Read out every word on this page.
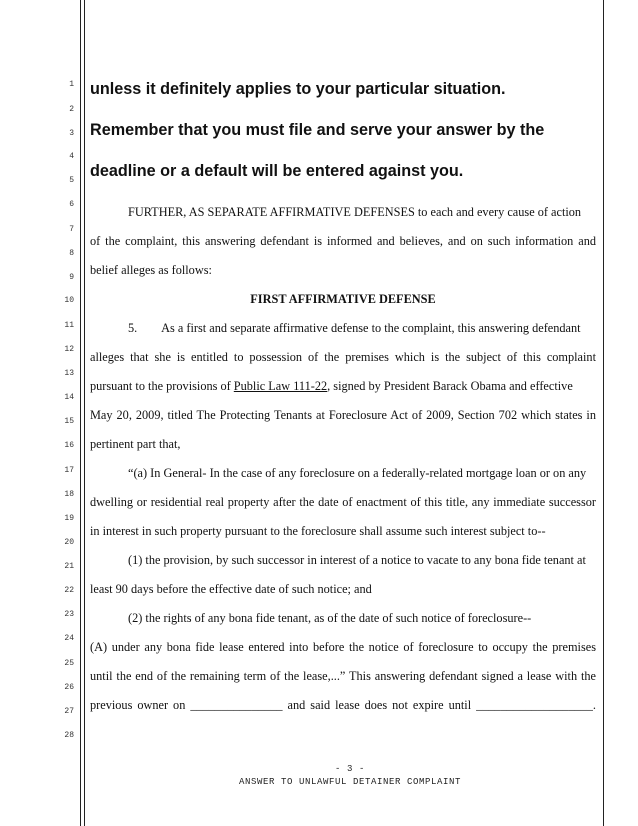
1
2
3
4
5
6
7
8
9
10
11
12
13
14
15
16
17
18
19
20
21
22
23
24
25
26
27
28
unless it definitely applies to your particular situation.
Remember that you must file and serve your answer by the
deadline or a default will be entered against you.
FURTHER, AS SEPARATE AFFIRMATIVE DEFENSES to each and every cause of action
of the complaint, this answering defendant is informed and believes, and on such information and
belief alleges as follows:
FIRST AFFIRMATIVE DEFENSE
5.        As a first and separate affirmative defense to the complaint, this answering defendant
alleges that she is entitled to possession of the premises which is the subject of this complaint
pursuant to the provisions of Public Law 111-22, signed by President Barack Obama and effective
May 20, 2009, titled The Protecting Tenants at Foreclosure Act of 2009, Section 702 which states in
pertinent part that,
“(a) In General- In the case of any foreclosure on a federally-related mortgage loan or on any
dwelling or residential real property after the date of enactment of this title, any immediate successor
in interest in such property pursuant to the foreclosure shall assume such interest subject to--
(1) the provision, by such successor in interest of a notice to vacate to any bona fide tenant at
least 90 days before the effective date of such notice; and
(2) the rights of any bona fide tenant, as of the date of such notice of foreclosure--
(A) under any bona fide lease entered into before the notice of foreclosure to occupy the premises
until the end of the remaining term of the lease,...” This answering defendant signed a lease with the
previous owner on _______________ and said lease does not expire until ___________________.
- 3 -
ANSWER TO UNLAWFUL DETAINER COMPLAINT
